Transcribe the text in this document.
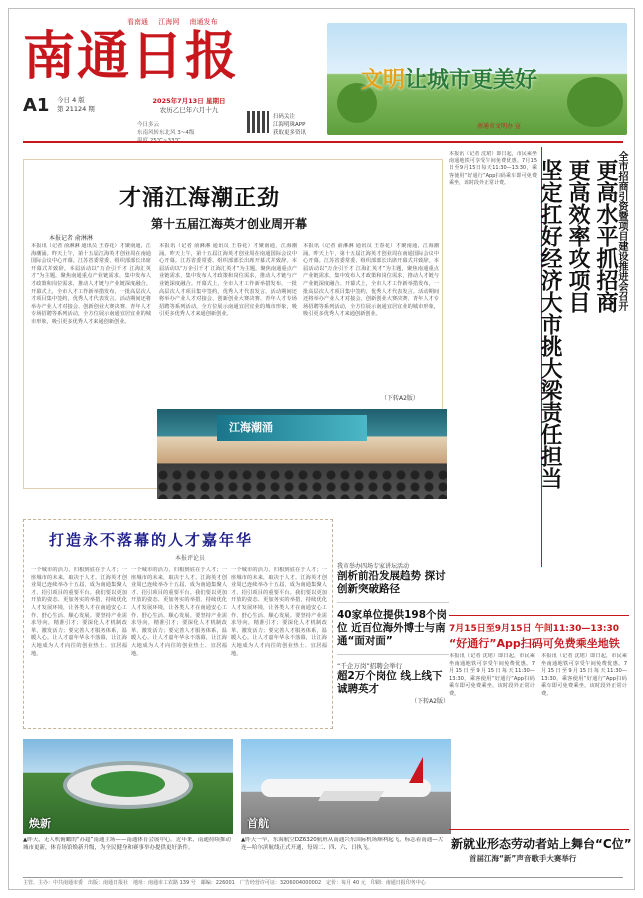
看南通 江海网 南通发布
南通日报
A1 今日 4 版
第 21124 期
2025年7月13日 星期日
农历乙巳年六月十九
今日多云
东南风转东北风 3~4级
扫码关注
江海明珠APP
获取更多资讯
文明让城市更美好
南通市文明办 宣
本报讯（记者 沈珺）即日起，市民乘坐南通地铁可享受午间免费优惠。7月15日至9月15日每天11:30—13:30，乘客使用“好通行”App扫码乘车即可免费乘坐，该时段外正常计费。	全市招商引资暨项目建设推进会召开
更高水平抓招商
更高效率攻项目
坚定扛好经济大市挑大梁责任担当
才涌江海潮正劲
第十五届江海英才创业周开幕
本报记者 俞淋淋
本报讯（记者 俞淋淋 通讯员 王春花）才聚南通，江海潮涌。昨天上午，第十五届江海英才创业周在南通国际会议中心开幕。江苏省委常委、组织部部长出席开幕式并致辞。本届活动以“万企引千才 江海汇英才”为主题，聚焦南通重点产业链需求，集中发布人才政策和岗位需求，推动人才链与产业链深度融合。开幕式上，全市人才工作新举措发布，一批高层次人才项目集中签约，优秀人才代表发言。活动期间还将举办产业人才对接会、创新创业大赛决赛、青年人才专场招聘等系列活动，全方位展示南通宜居宜业的城市形象，吸引更多优秀人才来通创新创业。
本报讯（记者 俞淋淋 通讯员 王春花）才聚南通，江海潮涌。昨天上午，第十五届江海英才创业周在南通国际会议中心开幕。江苏省委常委、组织部部长出席开幕式并致辞。本届活动以“万企引千才 江海汇英才”为主题，聚焦南通重点产业链需求，集中发布人才政策和岗位需求，推动人才链与产业链深度融合。开幕式上，全市人才工作新举措发布，一批高层次人才项目集中签约，优秀人才代表发言。活动期间还将举办产业人才对接会、创新创业大赛决赛、青年人才专场招聘等系列活动，全方位展示南通宜居宜业的城市形象，吸引更多优秀人才来通创新创业。
本报讯（记者 俞淋淋 通讯员 王春花）才聚南通，江海潮涌。昨天上午，第十五届江海英才创业周在南通国际会议中心开幕。江苏省委常委、组织部部长出席开幕式并致辞。本届活动以“万企引千才 江海汇英才”为主题，聚焦南通重点产业链需求，集中发布人才政策和岗位需求，推动人才链与产业链深度融合。开幕式上，全市人才工作新举措发布，一批高层次人才项目集中签约，优秀人才代表发言。活动期间还将举办产业人才对接会、创新创业大赛决赛、青年人才专场招聘等系列活动，全方位展示南通宜居宜业的城市形象，吸引更多优秀人才来通创新创业。
（下转A2版）
江海潮涌
打造永不落幕的人才嘉年华
本报评论员
一个城市的活力，归根到底在于人才；一座城市的未来，取决于人才。江海英才创业周已连续举办十五届，成为南通集聚人才、招引项目的重要平台。我们要以更加开放的姿态、更加务实的举措，持续优化人才发展环境，让各类人才在南通安心工作、舒心生活、顺心发展。要坚持产业需求导向，精准引才；要深化人才机制改革，激发活力；要完善人才服务体系，温暖人心。让人才嘉年华永不落幕，让江海大地成为人才向往的创业热土、宜居福地。
一个城市的活力，归根到底在于人才；一座城市的未来，取决于人才。江海英才创业周已连续举办十五届，成为南通集聚人才、招引项目的重要平台。我们要以更加开放的姿态、更加务实的举措，持续优化人才发展环境，让各类人才在南通安心工作、舒心生活、顺心发展。要坚持产业需求导向，精准引才；要深化人才机制改革，激发活力；要完善人才服务体系，温暖人心。让人才嘉年华永不落幕，让江海大地成为人才向往的创业热土、宜居福地。
一个城市的活力，归根到底在于人才；一座城市的未来，取决于人才。江海英才创业周已连续举办十五届，成为南通集聚人才、招引项目的重要平台。我们要以更加开放的姿态、更加务实的举措，持续优化人才发展环境，让各类人才在南通安心工作、舒心生活、顺心发展。要坚持产业需求导向，精准引才；要深化人才机制改革，激发活力；要完善人才服务体系，温暖人心。让人才嘉年华永不落幕，让江海大地成为人才向往的创业热土、宜居福地。
我市举办四场专家讲坛活动
剖析前沿发展趋势 探讨创新突破路径
40家单位提供198个岗位 近百位海外博士与南通“面对面”
“千企万岗”招聘会举行
超2万个岗位 线上线下诚聘英才
（下转A2版）
7月15日至9月15日 午间11:30—13:30
“好通行”App扫码可免费乘坐地铁
本报讯（记者 沈珺）即日起，市民乘坐南通地铁可享受午间免费优惠。7月15日至9月15日每天11:30—13:30，乘客使用“好通行”App扫码乘车即可免费乘坐，该时段外正常计费。
本报讯（记者 沈珺）即日起，市民乘坐南通地铁可享受午间免费优惠。7月15日至9月15日每天11:30—13:30，乘客使用“好通行”App扫码乘车即可免费乘坐，该时段外正常计费。
焕新
▲昨天，无人机俯瞰的“苏超”南通主场——南通体育会展中心。近年来，南通持续推动城市更新，体育场馆焕新升级，为全民健身和赛事举办提供更好条件。
首航
▲昨天一早，东海航空DZ6320航班从南通兴东国际机场顺利起飞，标志着南通—大连—哈尔滨航线正式开通，每周二、四、六、日执飞。	新就业形态劳动者站上舞台“C位”
首届江海“新”声音歌手大赛举行
主管、主办：中共南通市委　出版：南通日报社　地址：南通市工农路 139 号　邮编：226001　广告经营许可证：3206004000002　定价：每月 40 元　印刷：南通日报印务中心
